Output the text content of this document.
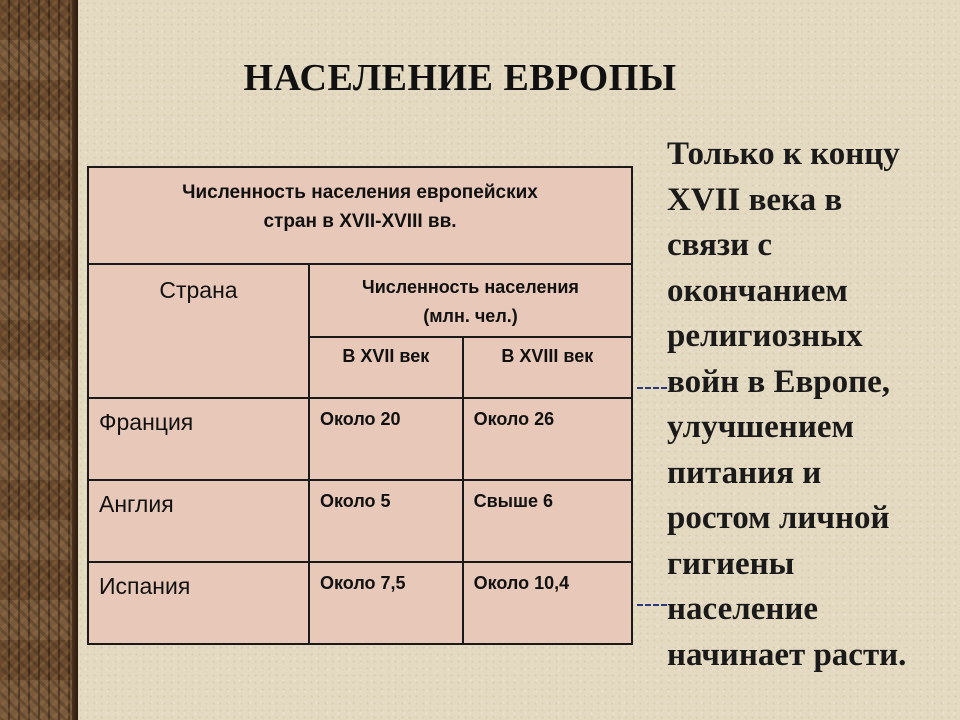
НАСЕЛЕНИЕ ЕВРОПЫ
Численность населения европейских
стран в XVII-XVIII вв.		

Страна	Численность населения
(млн. чел.)	

	В XVII век	В XVIII век
Франция	Около 20	Около 26
Англия	Около 5	Свыше 6
Испания	Около 7,5	Около 10,4
Только к концу
XVII века в
связи с
окончанием
религиозных
войн в Европе,
улучшением
питания и
ростом личной
гигиены
население
начинает расти.
